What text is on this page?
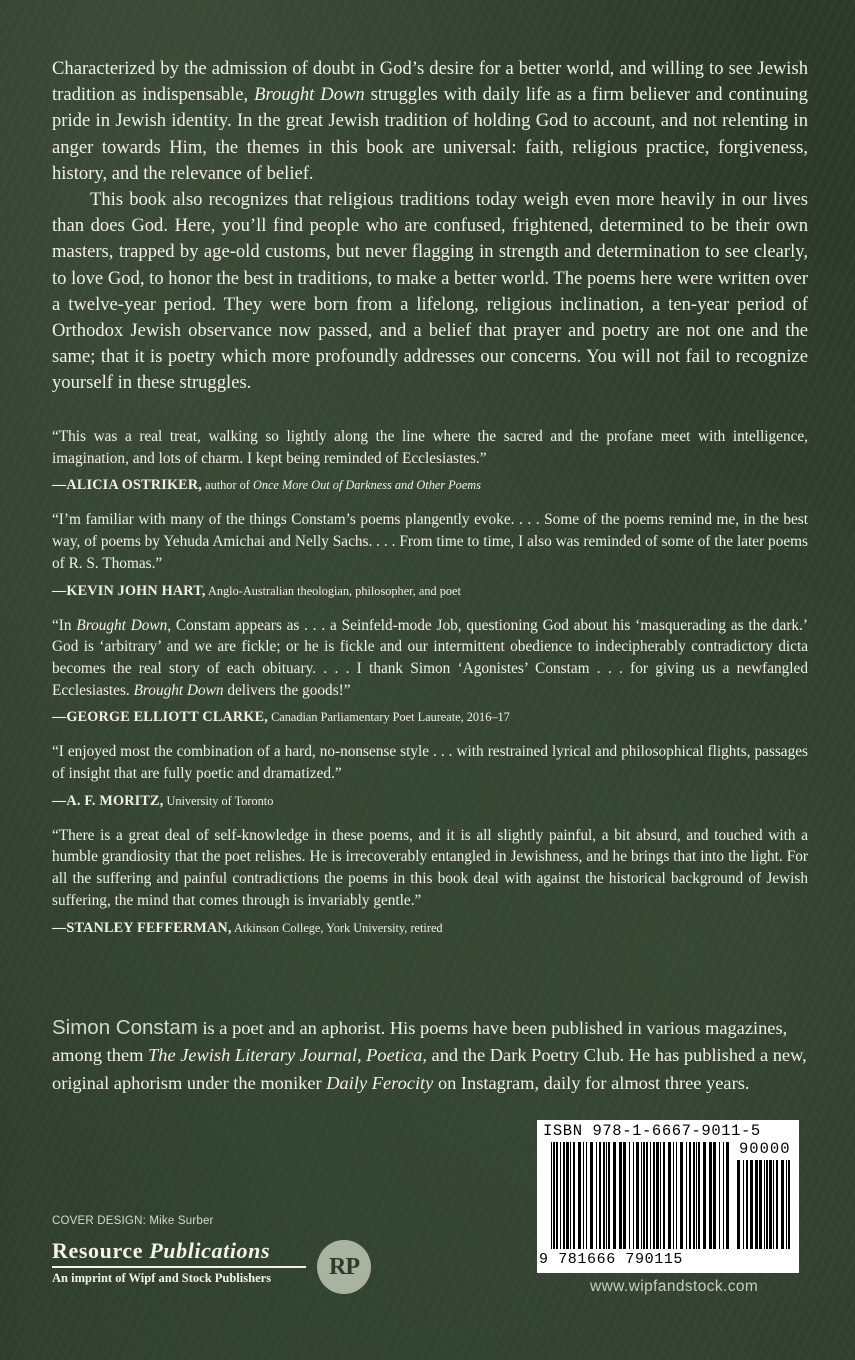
Characterized by the admission of doubt in God’s desire for a better world, and willing to see Jewish tradition as indispensable, Brought Down struggles with daily life as a firm believer and continuing pride in Jewish identity. In the great Jewish tradition of holding God to account, and not relenting in anger towards Him, the themes in this book are universal: faith, religious practice, forgiveness, history, and the relevance of belief.

This book also recognizes that religious traditions today weigh even more heavily in our lives than does God. Here, you’ll find people who are confused, frightened, determined to be their own masters, trapped by age-old customs, but never flagging in strength and determination to see clearly, to love God, to honor the best in traditions, to make a better world. The poems here were written over a twelve-year period. They were born from a lifelong, religious inclination, a ten-year period of Orthodox Jewish observance now passed, and a belief that prayer and poetry are not one and the same; that it is poetry which more profoundly addresses our concerns. You will not fail to recognize yourself in these struggles.

“This was a real treat, walking so lightly along the line where the sacred and the profane meet with intelligence, imagination, and lots of charm. I kept being reminded of Ecclesiastes.”

—ALICIA OSTRIKER, author of Once More Out of Darkness and Other Poems

“I’m familiar with many of the things Constam’s poems plangently evoke. . . . Some of the poems remind me, in the best way, of poems by Yehuda Amichai and Nelly Sachs. . . . From time to time, I also was reminded of some of the later poems of R. S. Thomas.”

—KEVIN JOHN HART, Anglo-Australian theologian, philosopher, and poet

“In Brought Down, Constam appears as . . . a Seinfeld-mode Job, questioning God about his ‘masquerading as the dark.’ God is ‘arbitrary’ and we are fickle; or he is fickle and our intermittent obedience to indecipherably contradictory dicta becomes the real story of each obituary. . . . I thank Simon ‘Agonistes’ Constam . . . for giving us a newfangled Ecclesiastes. Brought Down delivers the goods!”

—GEORGE ELLIOTT CLARKE, Canadian Parliamentary Poet Laureate, 2016–17

“I enjoyed most the combination of a hard, no-nonsense style . . . with restrained lyrical and philosophical flights, passages of insight that are fully poetic and dramatized.”

—A. F. MORITZ, University of Toronto

“There is a great deal of self-knowledge in these poems, and it is all slightly painful, a bit absurd, and touched with a humble grandiosity that the poet relishes. He is irrecoverably entangled in Jewishness, and he brings that into the light. For all the suffering and painful contradictions the poems in this book deal with against the historical background of Jewish suffering, the mind that comes through is invariably gentle.”

—STANLEY FEFFERMAN, Atkinson College, York University, retired

Simon Constam is a poet and an aphorist. His poems have been published in various magazines, among them The Jewish Literary Journal, Poetica, and the Dark Poetry Club. He has published a new, original aphorism under the moniker Daily Ferocity on Instagram, daily for almost three years.

ISBN 978-1-6667-9011-5
90000
9 781666 790115
COVER DESIGN: Mike Surber
Resource Publications
An imprint of Wipf and Stock Publishers	RP
www.wipfandstock.com
